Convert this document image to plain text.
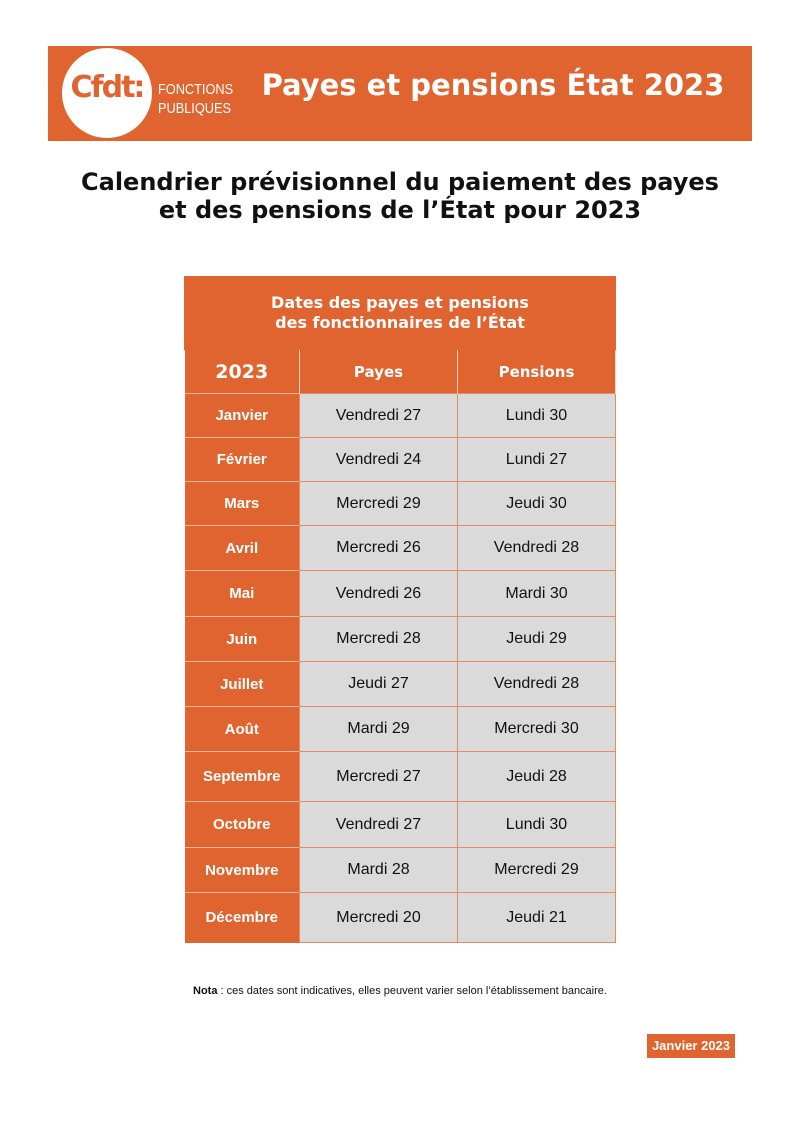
Cfdt: FONCTIONS
PUBLIQUES
Payes et pensions État 2023
Calendrier prévisionnel du paiement des payes
et des pensions de l’État pour 2023
Dates des payes et pensions
des fonctionnaires de l’État		

2023	Payes	Pensions
Janvier	Vendredi 27	Lundi 30
Février	Vendredi 24	Lundi 27
Mars	Mercredi 29	Jeudi 30
Avril	Mercredi 26	Vendredi 28
Mai	Vendredi 26	Mardi 30
Juin	Mercredi 28	Jeudi 29
Juillet	Jeudi 27	Vendredi 28
Août	Mardi 29	Mercredi 30
Septembre	Mercredi 27	Jeudi 28
Octobre	Vendredi 27	Lundi 30
Novembre	Mardi 28	Mercredi 29
Décembre	Mercredi 20	Jeudi 21
Nota : ces dates sont indicatives, elles peuvent varier selon l’établissement bancaire.
Janvier 2023
